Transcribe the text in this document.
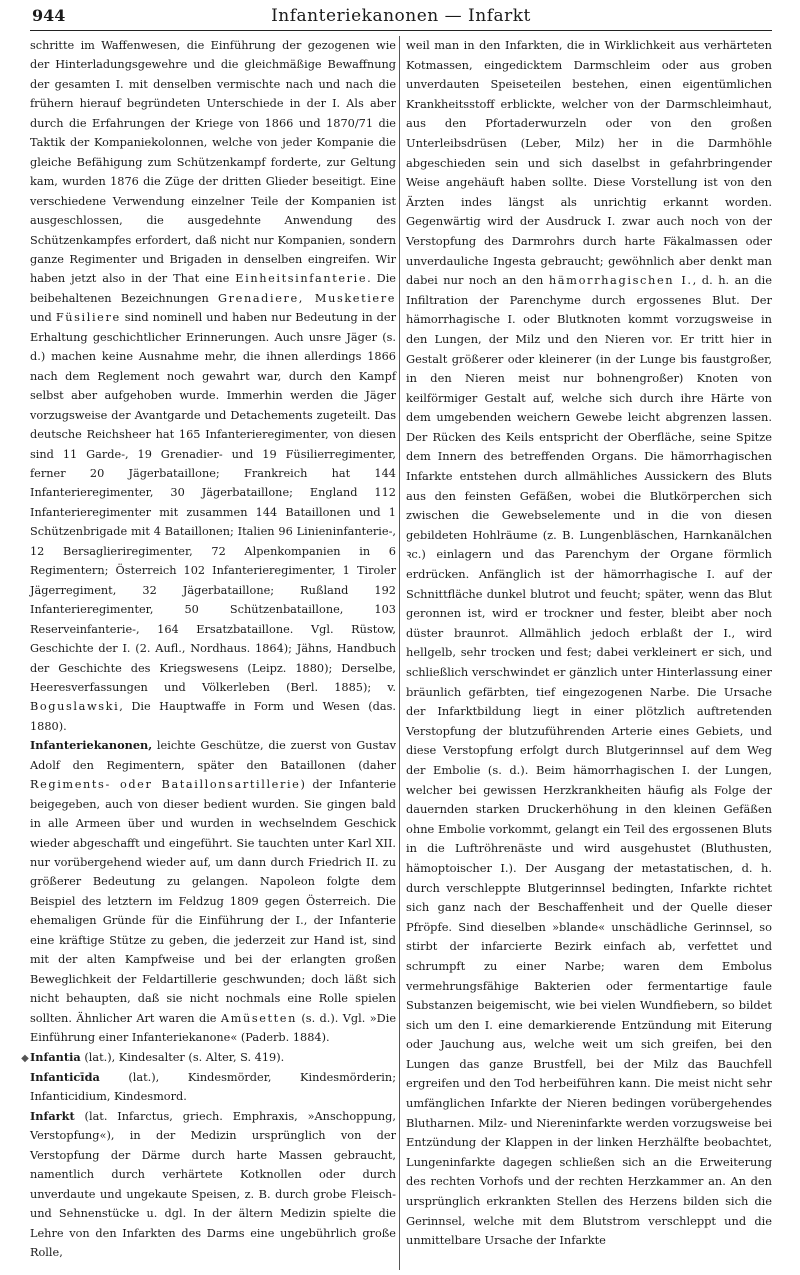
944	Infanteriekanonen — Infarkt

schritte im Waffenwesen, die Einführung der gezogenen wie der Hinterladungsgewehre und die gleichmäßige Bewaffnung der gesamten I. mit denselben vermischte nach und nach die frühern hierauf begründeten Unterschiede in der I. Als aber durch die Erfahrungen der Kriege von 1866 und 1870/71 die Taktik der Kompaniekolonnen, welche von jeder Kompanie die gleiche Befähigung zum Schützenkampf forderte, zur Geltung kam, wurden 1876 die Züge der dritten Glieder beseitigt. Eine verschiedene Verwendung einzelner Teile der Kompanien ist ausgeschlossen, die ausgedehnte Anwendung des Schützenkampfes erfordert, daß nicht nur Kompanien, sondern ganze Regimenter und Brigaden in denselben eingreifen. Wir haben jetzt also in der That eine Einheitsinfanterie. Die beibehaltenen Bezeichnungen Grenadiere, Musketiere und Füsiliere sind nominell und haben nur Bedeutung in der Erhaltung geschichtlicher Erinnerungen. Auch unsre Jäger (s. d.) machen keine Ausnahme mehr, die ihnen allerdings 1866 nach dem Reglement noch gewahrt war, durch den Kampf selbst aber aufgehoben wurde. Immerhin werden die Jäger vorzugsweise der Avantgarde und Detachements zugeteilt. Das deutsche Reichsheer hat 165 Infanterieregimenter, von diesen sind 11 Garde-, 19 Grenadier- und 19 Füsilierregimenter, ferner 20 Jägerbataillone; Frankreich hat 144 Infanterieregimenter, 30 Jägerbataillone; England 112 Infanterieregimenter mit zusammen 144 Bataillonen und 1 Schützenbrigade mit 4 Bataillonen; Italien 96 Linieninfanterie-, 12 Bersaglieriregimenter, 72 Alpenkompanien in 6 Regimentern; Österreich 102 Infanterieregimenter, 1 Tiroler Jägerregiment, 32 Jägerbataillone; Rußland 192 Infanterieregimenter, 50 Schützenbataillone, 103 Reserveinfanterie-, 164 Ersatzbataillone. Vgl. Rüstow, Geschichte der I. (2. Aufl., Nordhaus. 1864); Jähns, Handbuch der Geschichte des Kriegswesens (Leipz. 1880); Derselbe, Heeresverfassungen und Völkerleben (Berl. 1885); v. Boguslawski, Die Hauptwaffe in Form und Wesen (das. 1880).

Infanteriekanonen, leichte Geschütze, die zuerst von Gustav Adolf den Regimentern, später den Bataillonen (daher Regiments- oder Bataillonsartillerie) der Infanterie beigegeben, auch von dieser bedient wurden. Sie gingen bald in alle Armeen über und wurden in wechselndem Geschick wieder abgeschafft und eingeführt. Sie tauchten unter Karl XII. nur vorübergehend wieder auf, um dann durch Friedrich II. zu größerer Bedeutung zu gelangen. Napoleon folgte dem Beispiel des letztern im Feldzug 1809 gegen Österreich. Die ehemaligen Gründe für die Einführung der I., der Infanterie eine kräftige Stütze zu geben, die jederzeit zur Hand ist, sind mit der alten Kampfweise und bei der erlangten großen Beweglichkeit der Feldartillerie geschwunden; doch läßt sich nicht behaupten, daß sie nicht nochmals eine Rolle spielen sollten. Ähnlicher Art waren die Amüsetten (s. d.). Vgl. »Die Einführung einer Infanteriekanone« (Paderb. 1884).

◆Infantia (lat.), Kindesalter (s. Alter, S. 419).

Infanticīda (lat.), Kindesmörder, Kindesmörderin; Infanticidium, Kindesmord.

Infarkt (lat. Infarctus, griech. Emphraxis, »Anschoppung, Verstopfung«), in der Medizin ursprünglich von der Verstopfung der Därme durch harte Massen gebraucht, namentlich durch verhärtete Kotknollen oder durch unverdaute und ungekaute Speisen, z. B. durch grobe Fleisch- und Sehnenstücke u. dgl. In der ältern Medizin spielte die Lehre von den Infarkten des Darms eine ungebührlich große Rolle,

weil man in den Infarkten, die in Wirklichkeit aus verhärteten Kotmassen, eingedicktem Darmschleim oder aus groben unverdauten Speiseteilen bestehen, einen eigentümlichen Krankheitsstoff erblickte, welcher von der Darmschleimhaut, aus den Pfortaderwurzeln oder von den großen Unterleibsdrüsen (Leber, Milz) her in die Darmhöhle abgeschieden sein und sich daselbst in gefahrbringender Weise angehäuft haben sollte. Diese Vorstellung ist von den Ärzten indes längst als unrichtig erkannt worden. Gegenwärtig wird der Ausdruck I. zwar auch noch von der Verstopfung des Darmrohrs durch harte Fäkalmassen oder unverdauliche Ingesta gebraucht; gewöhnlich aber denkt man dabei nur noch an den hämorrhagischen I., d. h. an die Infiltration der Parenchyme durch ergossenes Blut. Der hämorrhagische I. oder Blutknoten kommt vorzugsweise in den Lungen, der Milz und den Nieren vor. Er tritt hier in Gestalt größerer oder kleinerer (in der Lunge bis faustgroßer, in den Nieren meist nur bohnengroßer) Knoten von keilförmiger Gestalt auf, welche sich durch ihre Härte von dem umgebenden weichern Gewebe leicht abgrenzen lassen. Der Rücken des Keils entspricht der Oberfläche, seine Spitze dem Innern des betreffenden Organs. Die hämorrhagischen Infarkte entstehen durch allmähliches Aussickern des Bluts aus den feinsten Gefäßen, wobei die Blutkörperchen sich zwischen die Gewebselemente und in die von diesen gebildeten Hohlräume (z. B. Lungenbläschen, Harnkanälchen ꝛc.) einlagern und das Parenchym der Organe förmlich erdrücken. Anfänglich ist der hämorrhagische I. auf der Schnittfläche dunkel blutrot und feucht; später, wenn das Blut geronnen ist, wird er trockner und fester, bleibt aber noch düster braunrot. Allmählich jedoch erblaßt der I., wird hellgelb, sehr trocken und fest; dabei verkleinert er sich, und schließlich verschwindet er gänzlich unter Hinterlassung einer bräunlich gefärbten, tief eingezogenen Narbe. Die Ursache der Infarktbildung liegt in einer plötzlich auftretenden Verstopfung der blutzuführenden Arterie eines Gebiets, und diese Verstopfung erfolgt durch Blutgerinnsel auf dem Weg der Embolie (s. d.). Beim hämorrhagischen I. der Lungen, welcher bei gewissen Herzkrankheiten häufig als Folge der dauernden starken Druckerhöhung in den kleinen Gefäßen ohne Embolie vorkommt, gelangt ein Teil des ergossenen Bluts in die Luftröhrenäste und wird ausgehustet (Bluthusten, hämoptoischer I.). Der Ausgang der metastatischen, d. h. durch verschleppte Blutgerinnsel bedingten, Infarkte richtet sich ganz nach der Beschaffenheit und der Quelle dieser Pfröpfe. Sind dieselben »blande« unschädliche Gerinnsel, so stirbt der infarcierte Bezirk einfach ab, verfettet und schrumpft zu einer Narbe; waren dem Embolus vermehrungsfähige Bakterien oder fermentartige faule Substanzen beigemischt, wie bei vielen Wundfiebern, so bildet sich um den I. eine demarkierende Entzündung mit Eiterung oder Jauchung aus, welche weit um sich greifen, bei den Lungen das ganze Brustfell, bei der Milz das Bauchfell ergreifen und den Tod herbeiführen kann. Die meist nicht sehr umfänglichen Infarkte der Nieren bedingen vorübergehendes Blutharnen. Milz- und Niereninfarkte werden vorzugsweise bei Entzündung der Klappen in der linken Herzhälfte beobachtet, Lungeninfarkte dagegen schließen sich an die Erweiterung des rechten Vorhofs und der rechten Herzkammer an. An den ursprünglich erkrankten Stellen des Herzens bilden sich die Gerinnsel, welche mit dem Blutstrom verschleppt und die unmittelbare Ursache der Infarkte
